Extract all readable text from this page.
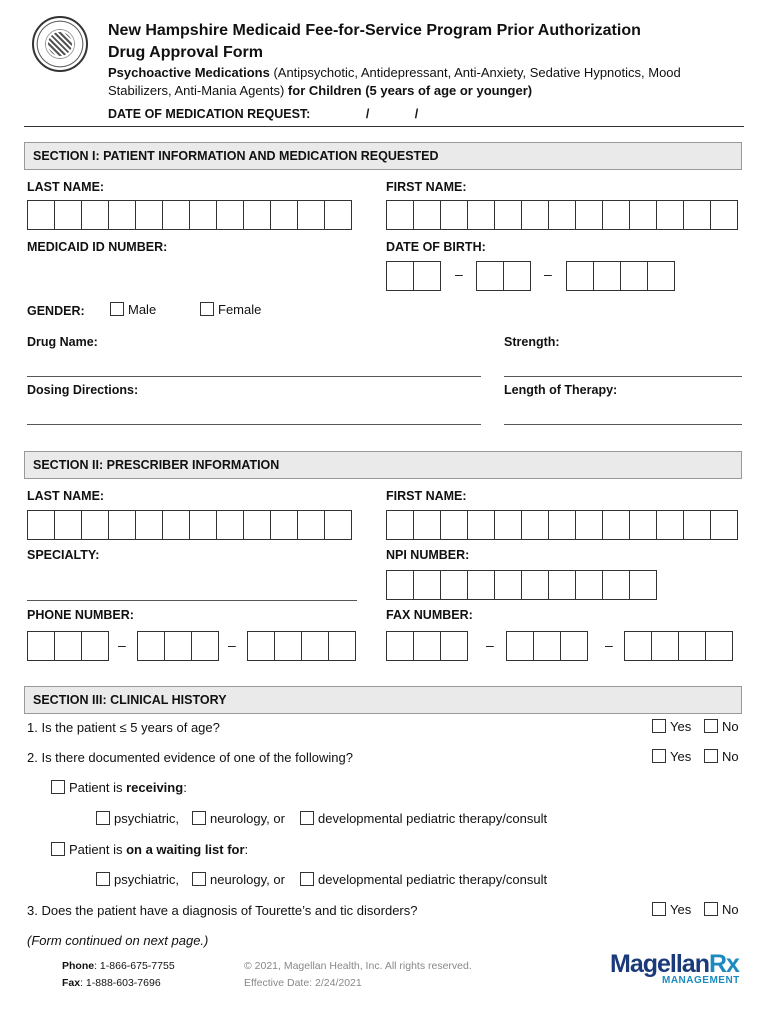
New Hampshire Medicaid Fee-for-Service Program Prior Authorization
Drug Approval Form
Psychoactive Medications (Antipsychotic, Antidepressant, Anti-Anxiety, Sedative Hypnotics, Mood
Stabilizers, Anti-Mania Agents) for Children (5 years of age or younger)
DATE OF MEDICATION REQUEST:	/	/
SECTION I: PATIENT INFORMATION AND MEDICATION REQUESTED
LAST NAME:	FIRST NAME:
MEDICAID ID NUMBER:	DATE OF BIRTH:
–	–
GENDER:	Male	Female
Drug Name:	Strength:
Dosing Directions:	Length of Therapy:
SECTION II: PRESCRIBER INFORMATION
LAST NAME:	FIRST NAME:
SPECIALTY:	NPI NUMBER:
PHONE NUMBER:	FAX NUMBER:
–	–	–	–
SECTION III: CLINICAL HISTORY
1. Is the patient ≤ 5 years of age?	Yes	No
2. Is there documented evidence of one of the following?	Yes	No
Patient is receiving:
psychiatric,	neurology, or	developmental pediatric therapy/consult
Patient is on a waiting list for:
psychiatric,	neurology, or	developmental pediatric therapy/consult
3. Does the patient have a diagnosis of Tourette’s and tic disorders?	Yes	No
(Form continued on next page.)
Phone: 1-866-675-7755
Fax: 1-888-603-7696
© 2021, Magellan Health, Inc. All rights reserved.
Effective Date: 2/24/2021
MagellanRx
MANAGEMENT
